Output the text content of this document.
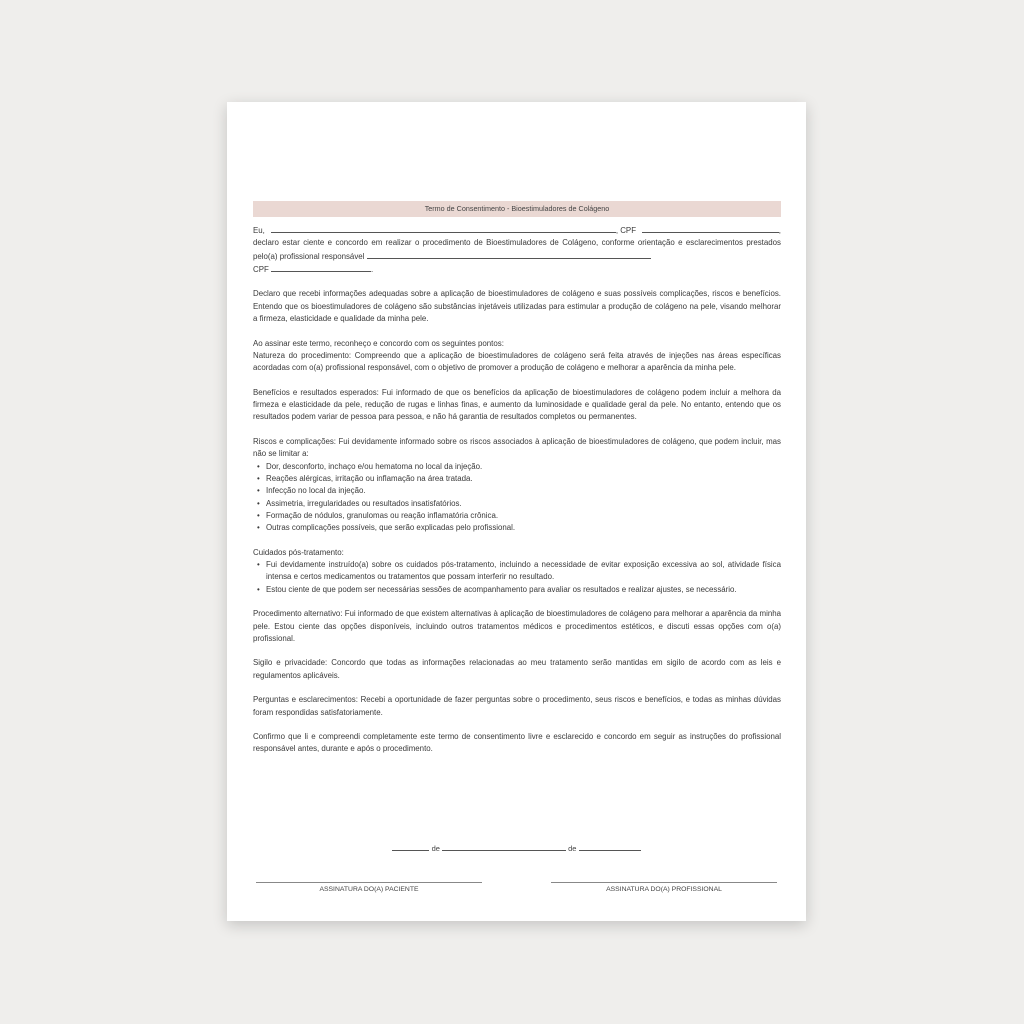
Termo de Consentimento - Bioestimuladores de Colágeno

Eu,	, CPF	,

declaro estar ciente e concordo em realizar o procedimento de Bioestimuladores de Colágeno, conforme orientação e esclarecimentos prestados pelo(a) profissional responsável

CPF	.

Declaro que recebi informações adequadas sobre a aplicação de bioestimuladores de colágeno e suas possíveis complicações, riscos e benefícios. Entendo que os bioestimuladores de colágeno são substâncias injetáveis utilizadas para estimular a produção de colágeno na pele, visando melhorar a firmeza, elasticidade e qualidade da minha pele.

Ao assinar este termo, reconheço e concordo com os seguintes pontos:

Natureza do procedimento: Compreendo que a aplicação de bioestimuladores de colágeno será feita através de injeções nas áreas específicas acordadas com o(a) profissional responsável, com o objetivo de promover a produção de colágeno e melhorar a aparência da minha pele.

Benefícios e resultados esperados: Fui informado de que os benefícios da aplicação de bioestimuladores de colágeno podem incluir a melhora da firmeza e elasticidade da pele, redução de rugas e linhas finas, e aumento da luminosidade e qualidade geral da pele. No entanto, entendo que os resultados podem variar de pessoa para pessoa, e não há garantia de resultados completos ou permanentes.

Riscos e complicações: Fui devidamente informado sobre os riscos associados à aplicação de bioestimuladores de colágeno, que podem incluir, mas não se limitar a:

• Dor, desconforto, inchaço e/ou hematoma no local da injeção.
• Reações alérgicas, irritação ou inflamação na área tratada.
• Infecção no local da injeção.
• Assimetria, irregularidades ou resultados insatisfatórios.
• Formação de nódulos, granulomas ou reação inflamatória crônica.
• Outras complicações possíveis, que serão explicadas pelo profissional.

Cuidados pós-tratamento:

• Fui devidamente instruído(a) sobre os cuidados pós-tratamento, incluindo a necessidade de evitar exposição excessiva ao sol, atividade física intensa e certos medicamentos ou tratamentos que possam interferir no resultado.
• Estou ciente de que podem ser necessárias sessões de acompanhamento para avaliar os resultados e realizar ajustes, se necessário.

Procedimento alternativo: Fui informado de que existem alternativas à aplicação de bioestimuladores de colágeno para melhorar a aparência da minha pele. Estou ciente das opções disponíveis, incluindo outros tratamentos médicos e procedimentos estéticos, e discuti essas opções com o(a) profissional.

Sigilo e privacidade: Concordo que todas as informações relacionadas ao meu tratamento serão mantidas em sigilo de acordo com as leis e regulamentos aplicáveis.

Perguntas e esclarecimentos: Recebi a oportunidade de fazer perguntas sobre o procedimento, seus riscos e benefícios, e todas as minhas dúvidas foram respondidas satisfatoriamente.

Confirmo que li e compreendi completamente este termo de consentimento livre e esclarecido e concordo em seguir as instruções do profissional responsável antes, durante e após o procedimento.

de	de
ASSINATURA DO(A) PACIENTE	ASSINATURA DO(A) PROFISSIONAL
